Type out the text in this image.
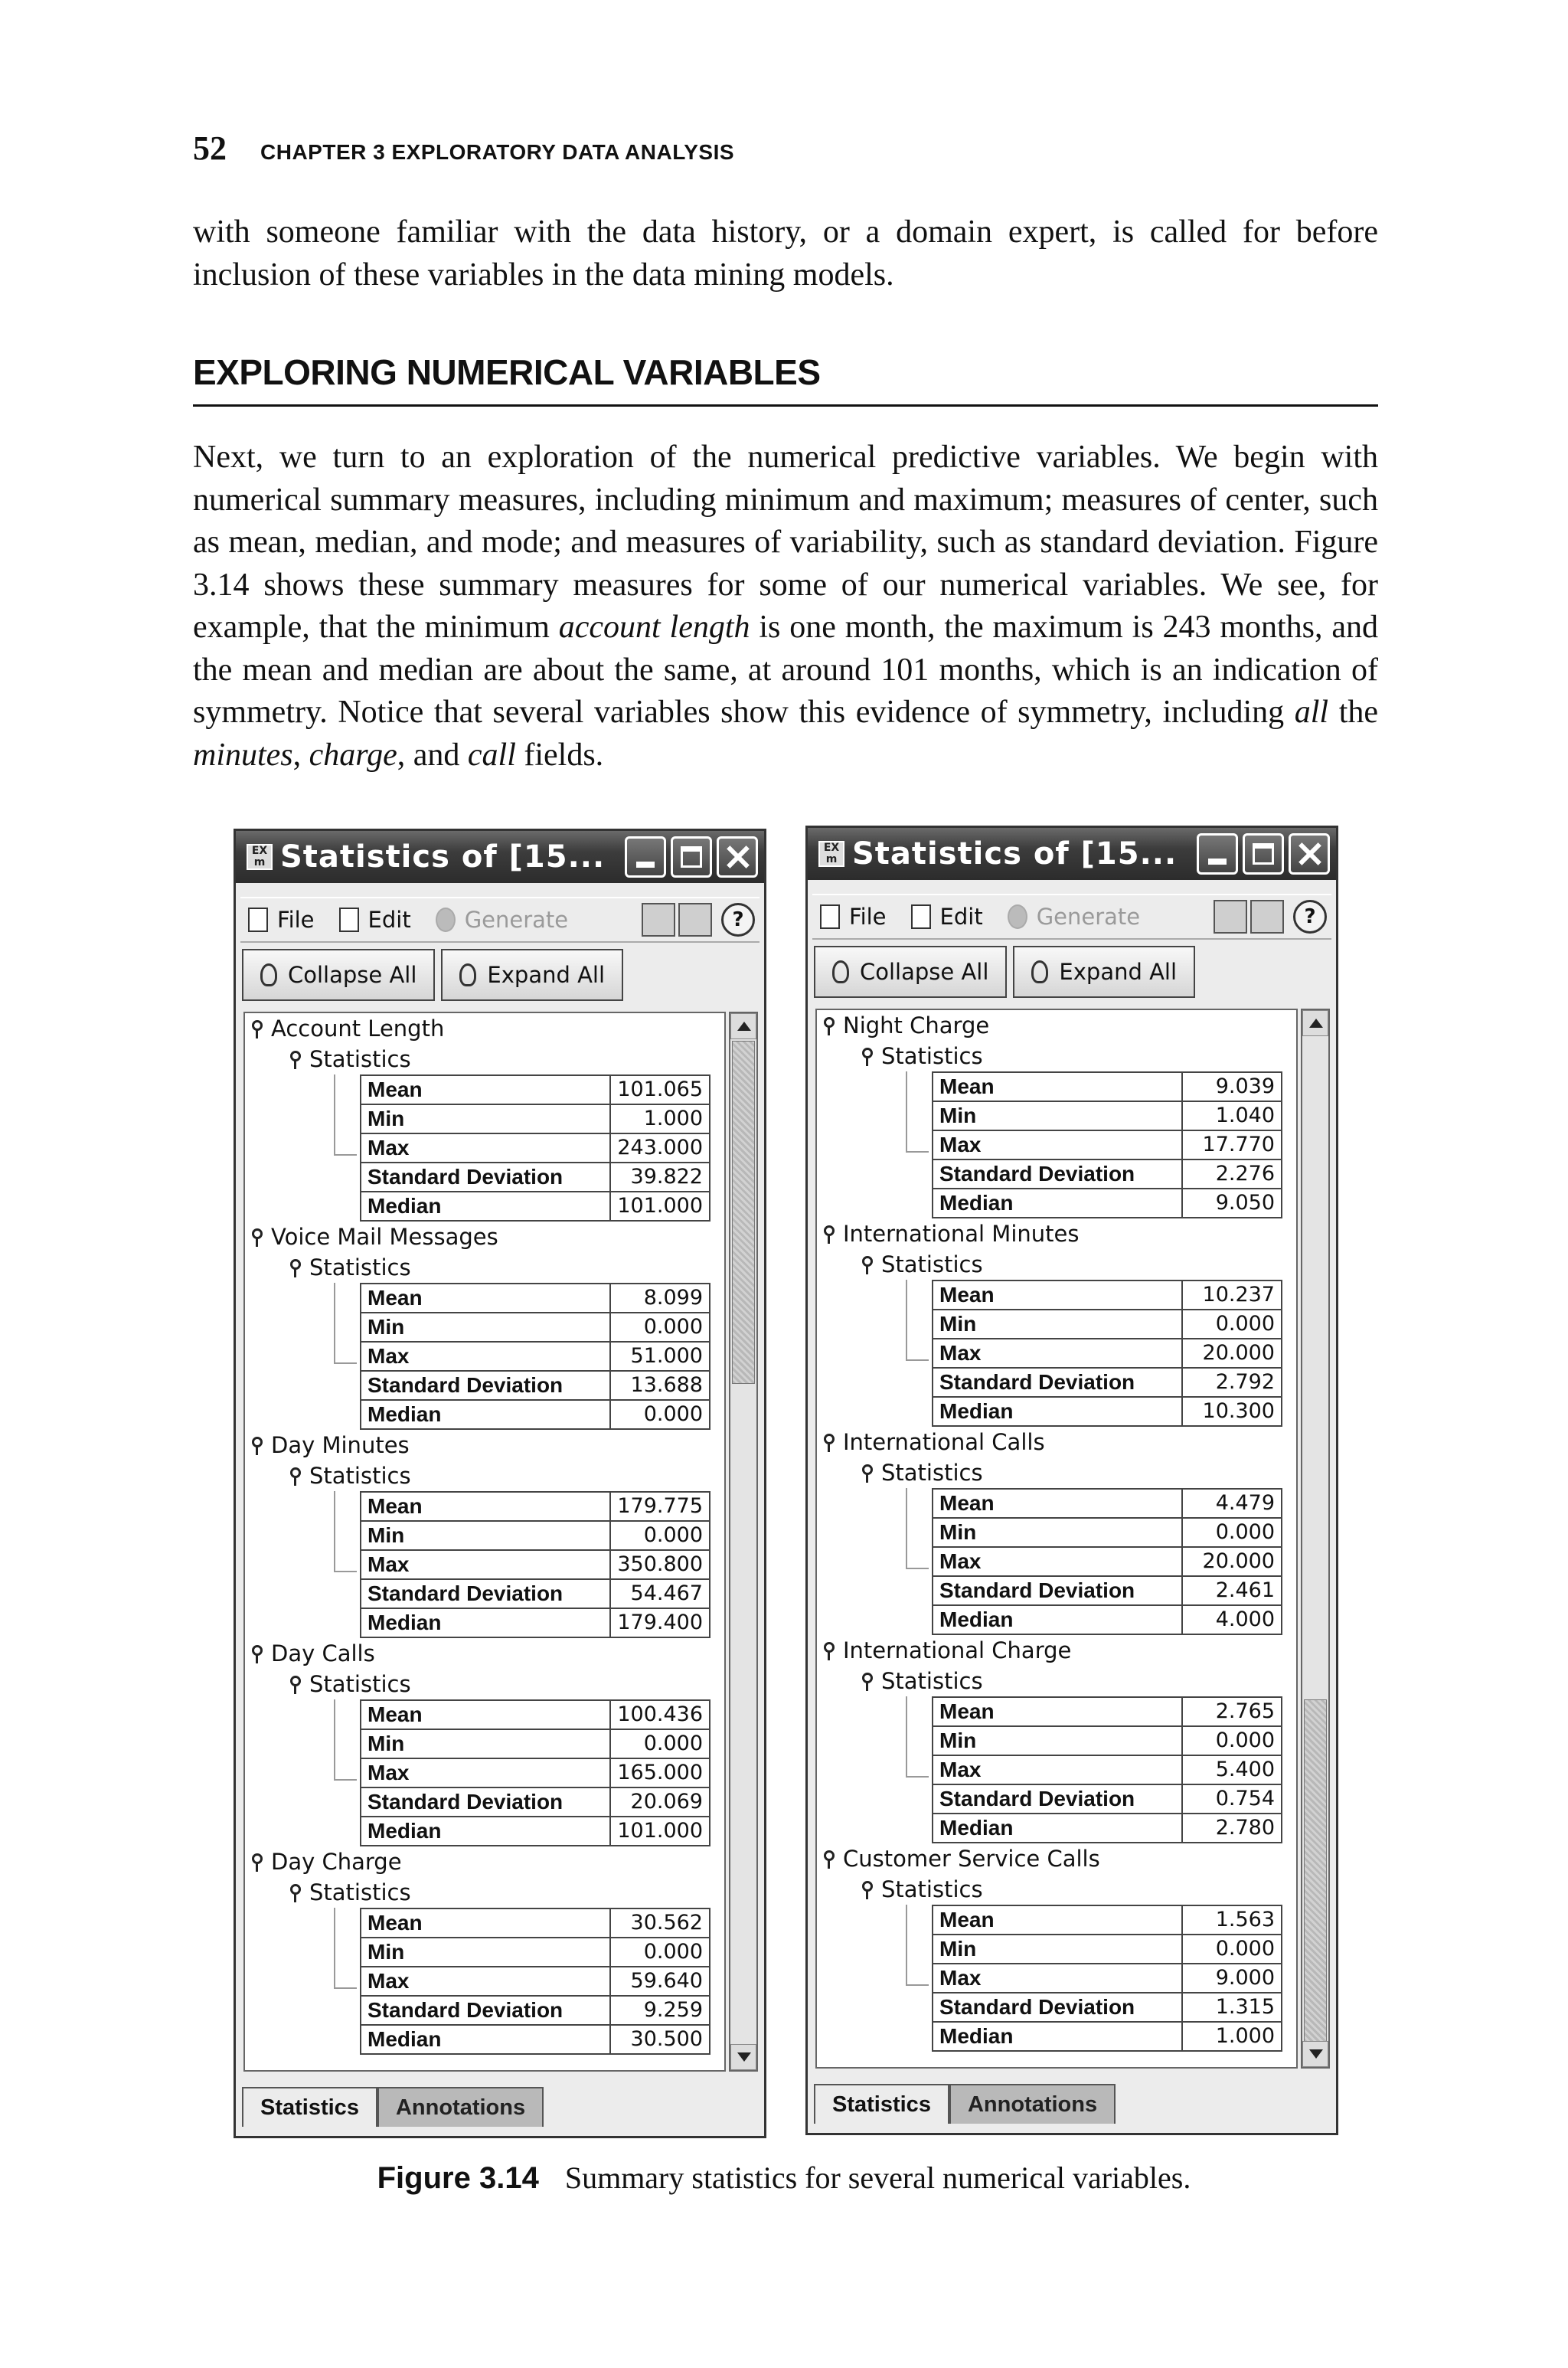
52 CHAPTER 3 EXPLORATORY DATA ANALYSIS
with someone familiar with the data history, or a domain expert, is called for before inclusion of these variables in the data mining models.
EXPLORING NUMERICAL VARIABLES
Next, we turn to an exploration of the numerical predictive variables. We begin with numerical summary measures, including minimum and maximum; measures of center, such as mean, median, and mode; and measures of variability, such as standard deviation. Figure 3.14 shows these summary measures for some of our numerical variables. We see, for example, that the minimum account length is one month, the maximum is 243 months, and the mean and median are about the same, at around 101 months, which is an indication of symmetry. Notice that several variables show this evidence of symmetry, including all the minutes, charge, and call fields.
EX m Statistics of [15...
File Edit Generate	?
Collapse All	Expand All
Account Length
Statistics
Mean	101.065
Min	1.000
Max	243.000
Standard Deviation	39.822
Median	101.000
Voice Mail Messages
Statistics
Mean	8.099
Min	0.000
Max	51.000
Standard Deviation	13.688
Median	0.000
Day Minutes
Statistics
Mean	179.775
Min	0.000
Max	350.800
Standard Deviation	54.467
Median	179.400
Day Calls
Statistics
Mean	100.436
Min	0.000
Max	165.000
Standard Deviation	20.069
Median	101.000
Day Charge
Statistics
Mean	30.562
Min	0.000
Max	59.640
Standard Deviation	9.259
Median	30.500
Statistics	Annotations
EX m Statistics of [15...
File Edit Generate	?
Collapse All	Expand All
Night Charge
Statistics
Mean	9.039
Min	1.040
Max	17.770
Standard Deviation	2.276
Median	9.050
International Minutes
Statistics
Mean	10.237
Min	0.000
Max	20.000
Standard Deviation	2.792
Median	10.300
International Calls
Statistics
Mean	4.479
Min	0.000
Max	20.000
Standard Deviation	2.461
Median	4.000
International Charge
Statistics
Mean	2.765
Min	0.000
Max	5.400
Standard Deviation	0.754
Median	2.780
Customer Service Calls
Statistics
Mean	1.563
Min	0.000
Max	9.000
Standard Deviation	1.315
Median	1.000
Statistics	Annotations
Figure 3.14 Summary statistics for several numerical variables.
